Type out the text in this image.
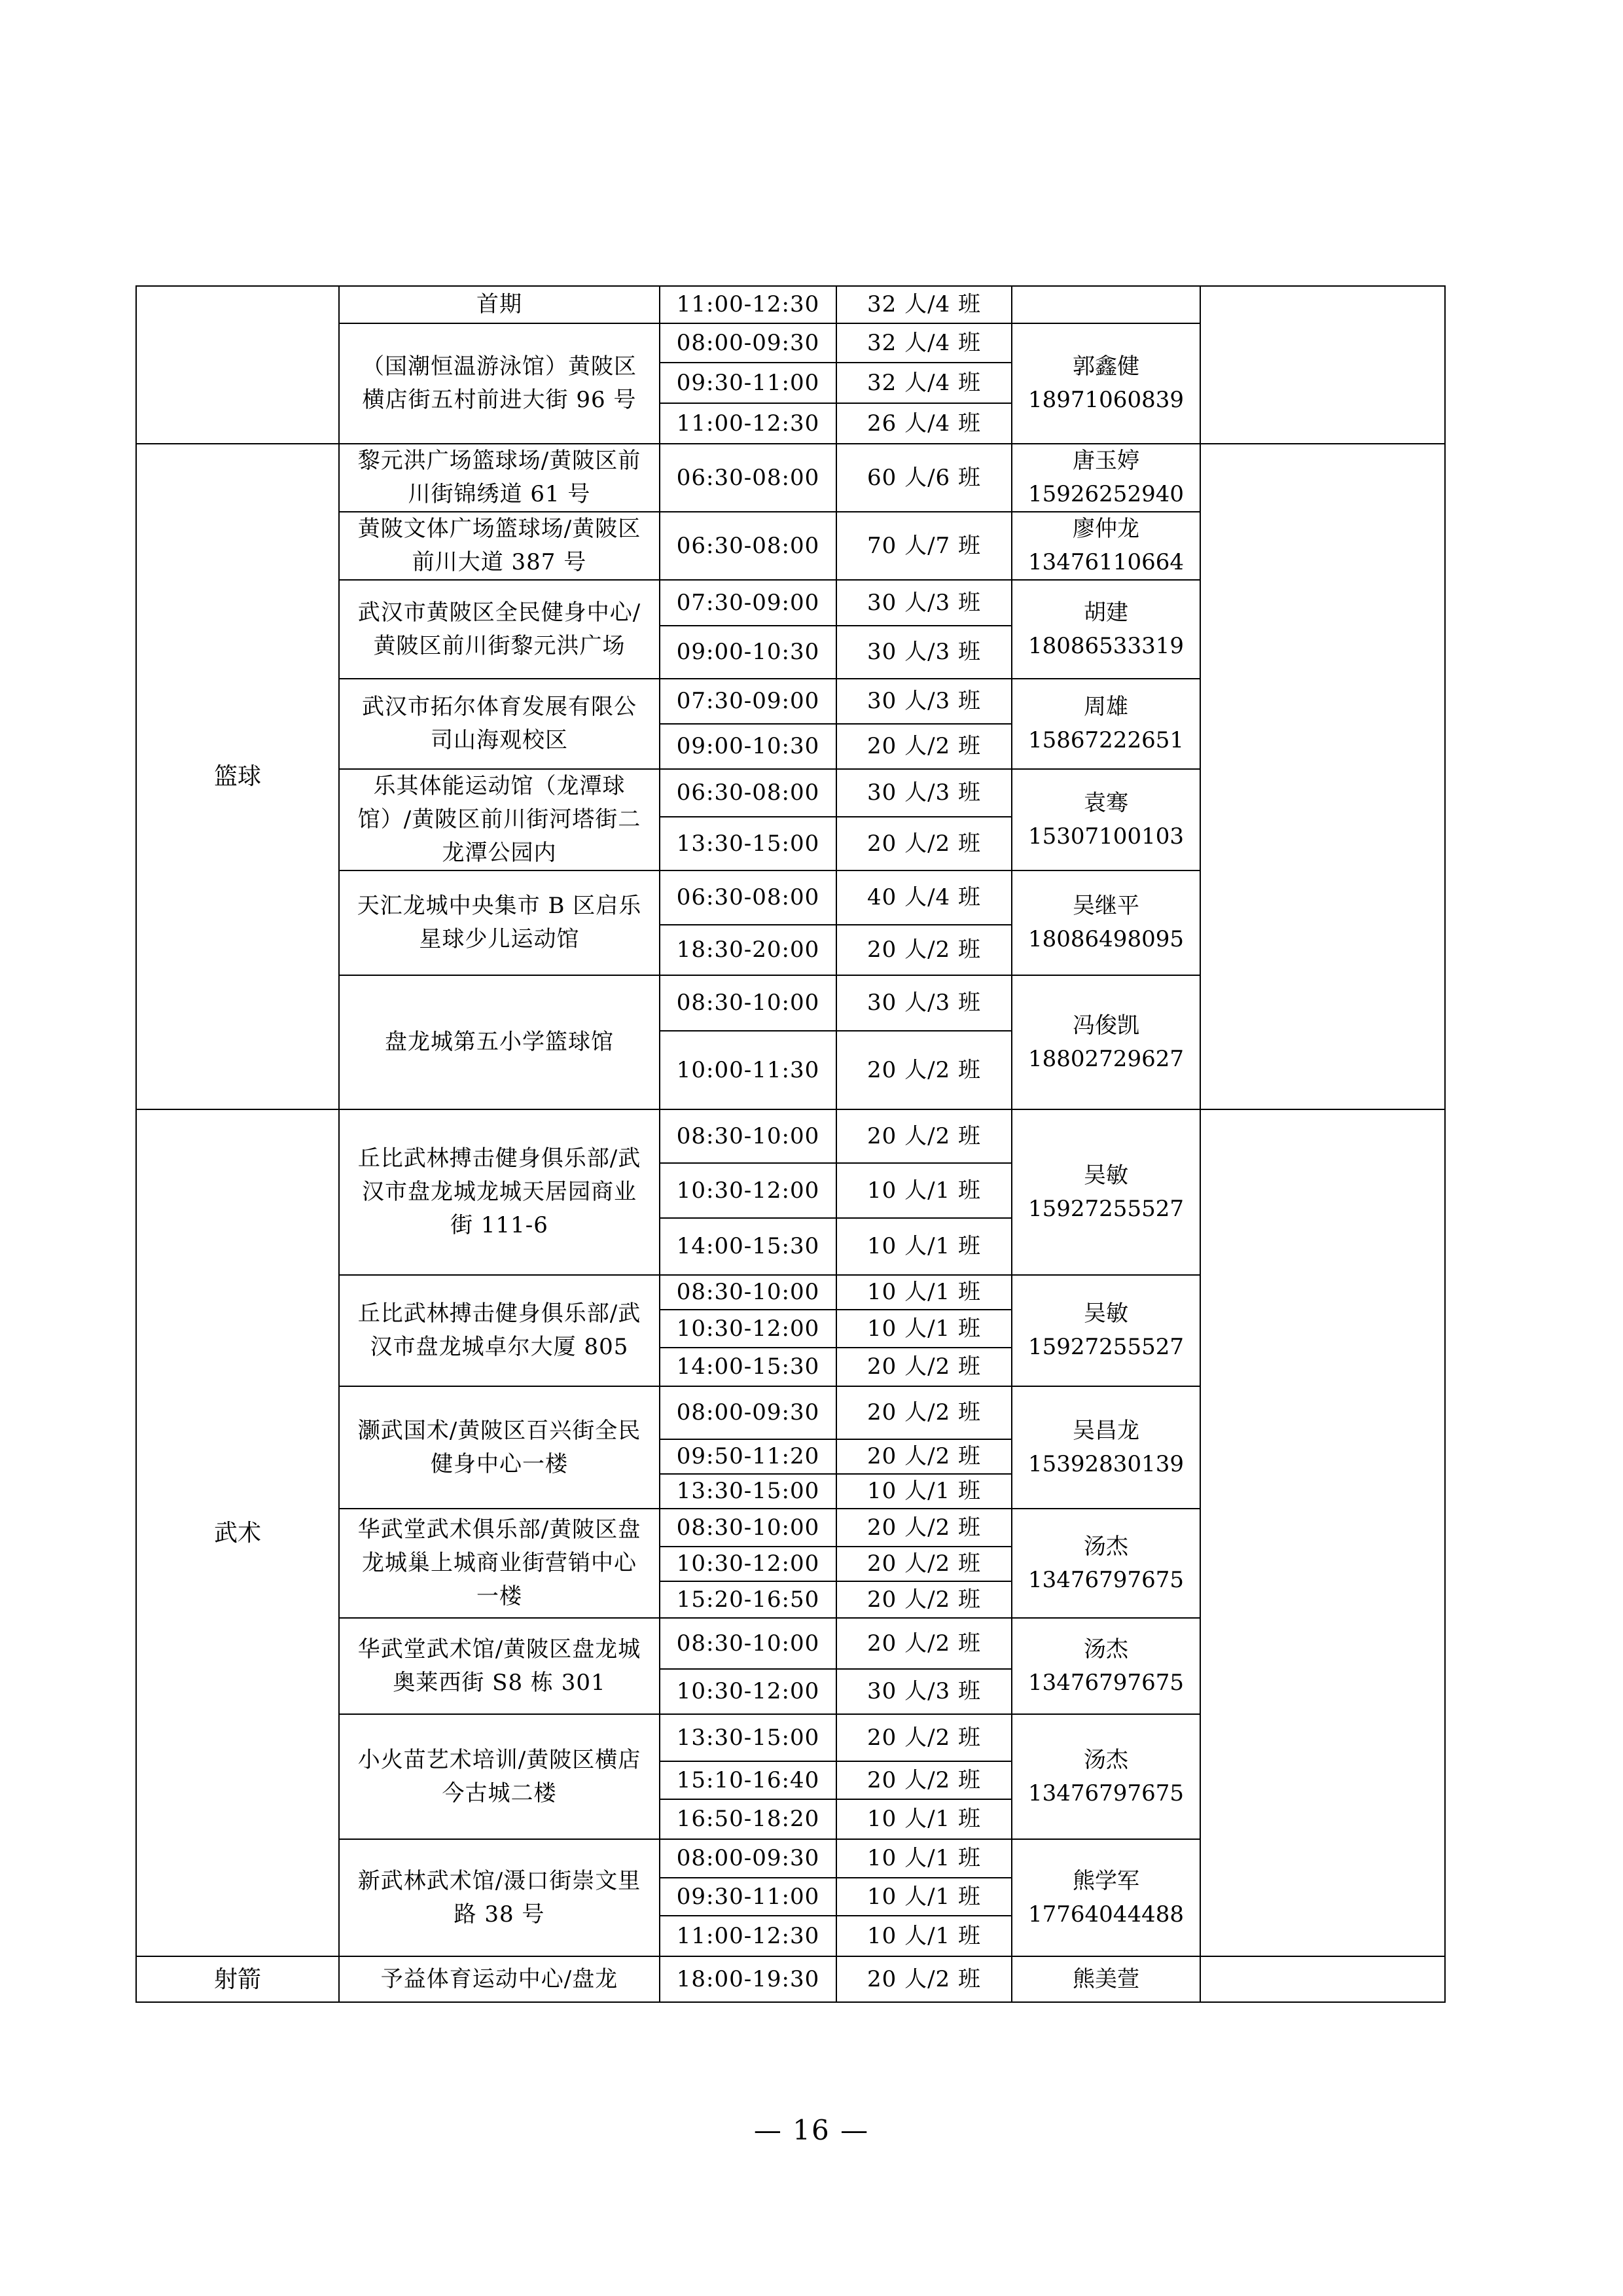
	首期	11:00-12:30	32 人/4 班		
	（国潮恒温游泳馆）黄陂区横店街五村前进大街 96 号	08:00-09:30	32 人/4 班	郭鑫健
18971060839	
		09:30-11:00	32 人/4 班		
		11:00-12:30	26 人/4 班		
篮球	黎元洪广场篮球场/黄陂区前川街锦绣道 61 号	06:30-08:00	60 人/6 班	唐玉婷
15926252940	
	黄陂文体广场篮球场/黄陂区前川大道 387 号	06:30-08:00	70 人/7 班	廖仲龙
13476110664	
	武汉市黄陂区全民健身中心/黄陂区前川街黎元洪广场	07:30-09:00	30 人/3 班	胡建
18086533319	
		09:00-10:30	30 人/3 班		
	武汉市拓尔体育发展有限公司山海观校区	07:30-09:00	30 人/3 班	周雄
15867222651	
		09:00-10:30	20 人/2 班		
	乐其体能运动馆（龙潭球馆）/黄陂区前川街河塔街二龙潭公园内	06:30-08:00	30 人/3 班	袁骞
15307100103	
		13:30-15:00	20 人/2 班		
	天汇龙城中央集市 B 区启乐星球少儿运动馆	06:30-08:00	40 人/4 班	吴继平
18086498095	
		18:30-20:00	20 人/2 班		
	盘龙城第五小学篮球馆	08:30-10:00	30 人/3 班	冯俊凯
18802729627	
		10:00-11:30	20 人/2 班		
武术	丘比武林搏击健身俱乐部/武汉市盘龙城龙城天居园商业街 111-6	08:30-10:00	20 人/2 班	吴敏
15927255527	
		10:30-12:00	10 人/1 班		
		14:00-15:30	10 人/1 班		
	丘比武林搏击健身俱乐部/武汉市盘龙城卓尔大厦 805	08:30-10:00	10 人/1 班	吴敏
15927255527	
		10:30-12:00	10 人/1 班		
		14:00-15:30	20 人/2 班		
	灏武国术/黄陂区百兴街全民健身中心一楼	08:00-09:30	20 人/2 班	吴昌龙
15392830139	
		09:50-11:20	20 人/2 班		
		13:30-15:00	10 人/1 班		
	华武堂武术俱乐部/黄陂区盘龙城巢上城商业街营销中心一楼	08:30-10:00	20 人/2 班	汤杰
13476797675	
		10:30-12:00	20 人/2 班		
		15:20-16:50	20 人/2 班		
	华武堂武术馆/黄陂区盘龙城奥莱西街 S8 栋 301	08:30-10:00	20 人/2 班	汤杰
13476797675	
		10:30-12:00	30 人/3 班		
	小火苗艺术培训/黄陂区横店今古城二楼	13:30-15:00	20 人/2 班	汤杰
13476797675	
		15:10-16:40	20 人/2 班		
		16:50-18:20	10 人/1 班		
	新武林武术馆/滠口街崇文里路 38 号	08:00-09:30	10 人/1 班	熊学军
17764044488	
		09:30-11:00	10 人/1 班		
		11:00-12:30	10 人/1 班		
射箭	予益体育运动中心/盘龙	18:00-19:30	20 人/2 班	熊美萱	
— 16 —
